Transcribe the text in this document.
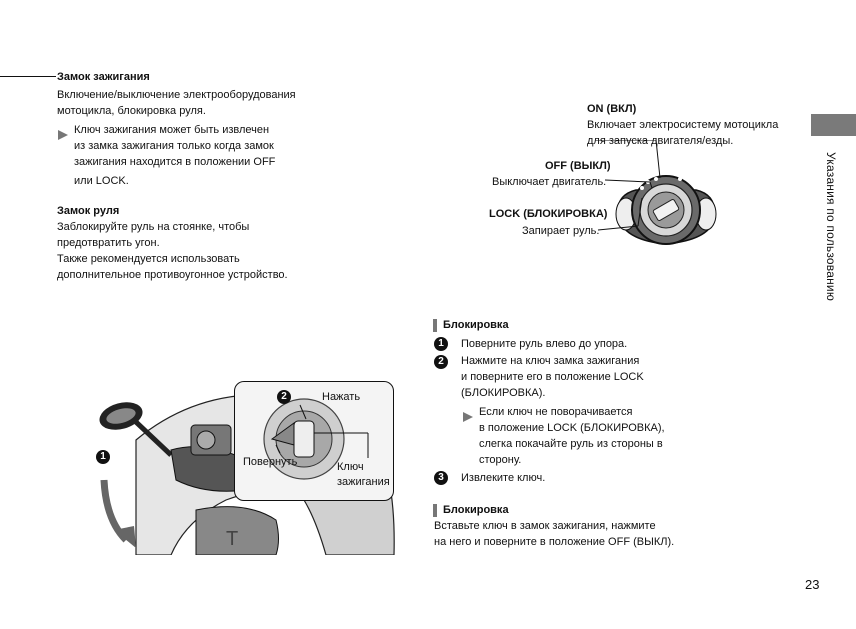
Замок зажигания
Включение/выключение электрооборудования
мотоцикла, блокировка руля.
Ключ зажигания может быть извлечен
из замка зажигания только когда замок
зажигания находится в положении OFF
или LOCK.
Замок руля
Заблокируйте руль на стоянке, чтобы
предотвратить угон.
Также рекомендуется использовать
дополнительное противоугонное устройство.
ON (ВКЛ)
Включает электросистему мотоцикла
для запуска двигателя/езды.
OFF (ВЫКЛ)
Выключает двигатель.
LOCK (БЛОКИРОВКА)
Запирает руль.	Указания по пользованию
T
1
2	Нажать
Повернуть	Ключ
зажигания
Блокировка
1	Поверните руль влево до упора.
2	Нажмите на ключ замка зажигания
и поверните его в положение LOCK
(БЛОКИРОВКА).
Если ключ не поворачивается
в положение LOCK (БЛОКИРОВКА),
слегка покачайте руль из стороны в
сторону.
3	Извлеките ключ.
Блокировка
Вставьте ключ в замок зажигания, нажмите
на него и поверните в положение OFF (ВЫКЛ).
23
